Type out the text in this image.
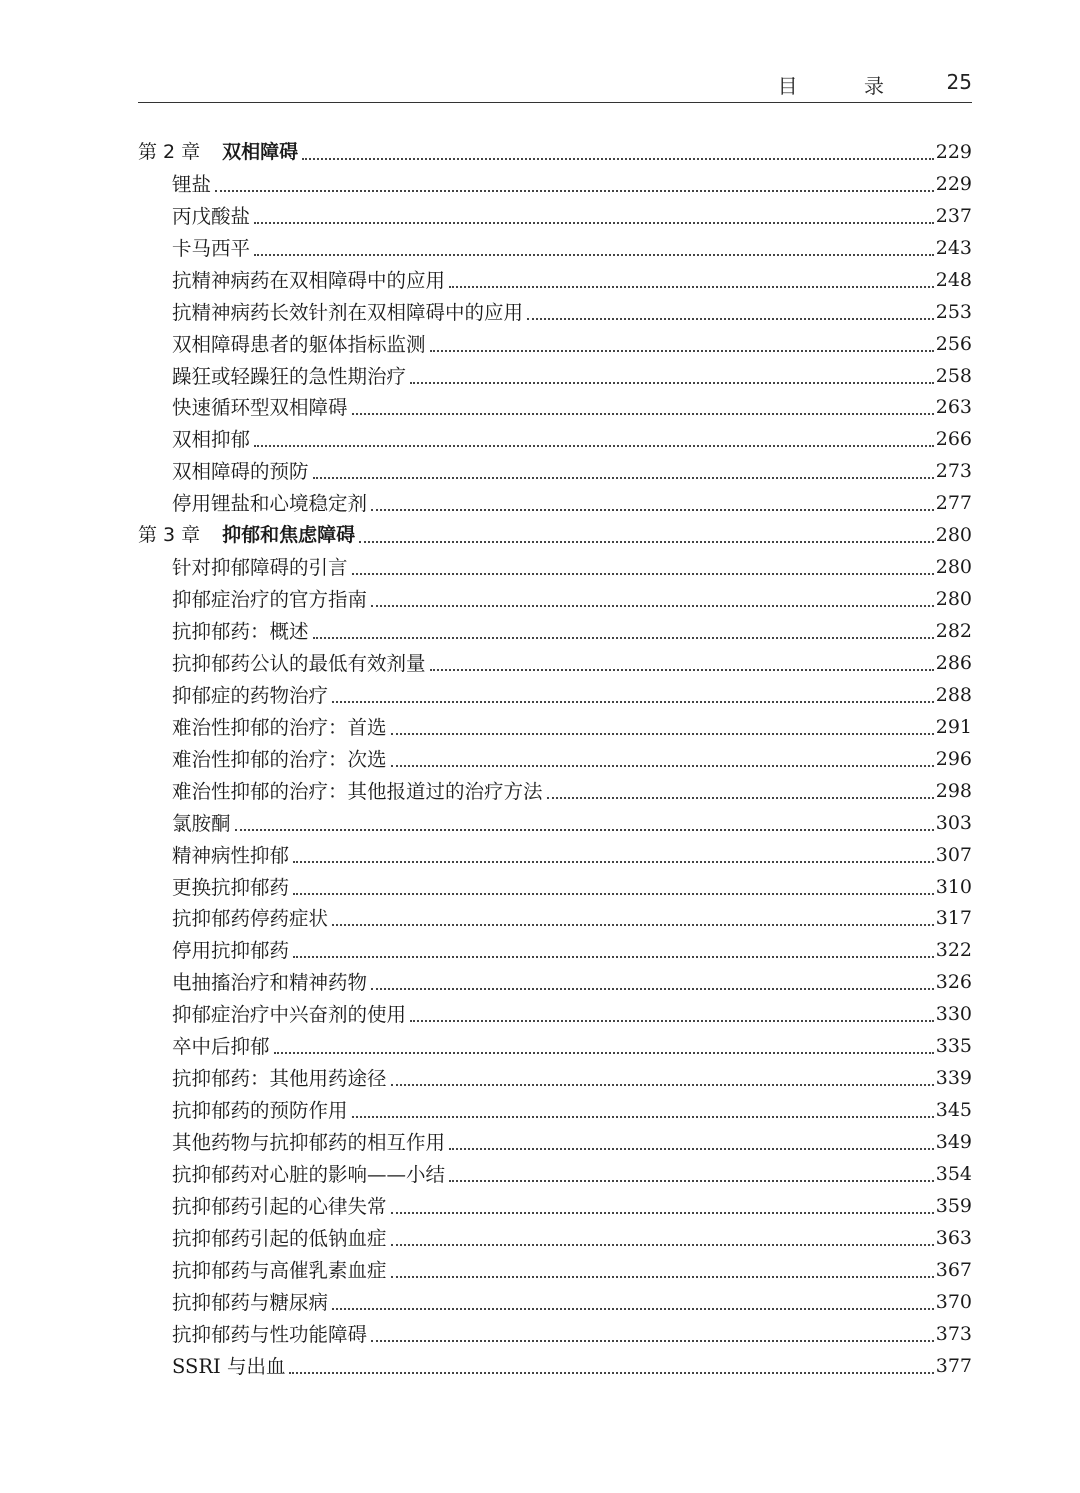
目 录 25
第 2 章 双相障碍	229
锂盐	229
丙戊酸盐	237
卡马西平	243
抗精神病药在双相障碍中的应用	248
抗精神病药长效针剂在双相障碍中的应用	253
双相障碍患者的躯体指标监测	256
躁狂或轻躁狂的急性期治疗	258
快速循环型双相障碍	263
双相抑郁	266
双相障碍的预防	273
停用锂盐和心境稳定剂	277
第 3 章 抑郁和焦虑障碍	280
针对抑郁障碍的引言	280
抑郁症治疗的官方指南	280
抗抑郁药：概述	282
抗抑郁药公认的最低有效剂量	286
抑郁症的药物治疗	288
难治性抑郁的治疗：首选	291
难治性抑郁的治疗：次选	296
难治性抑郁的治疗：其他报道过的治疗方法	298
氯胺酮	303
精神病性抑郁	307
更换抗抑郁药	310
抗抑郁药停药症状	317
停用抗抑郁药	322
电抽搐治疗和精神药物	326
抑郁症治疗中兴奋剂的使用	330
卒中后抑郁	335
抗抑郁药：其他用药途径	339
抗抑郁药的预防作用	345
其他药物与抗抑郁药的相互作用	349
抗抑郁药对心脏的影响——小结	354
抗抑郁药引起的心律失常	359
抗抑郁药引起的低钠血症	363
抗抑郁药与高催乳素血症	367
抗抑郁药与糖尿病	370
抗抑郁药与性功能障碍	373
SSRI 与出血	377
